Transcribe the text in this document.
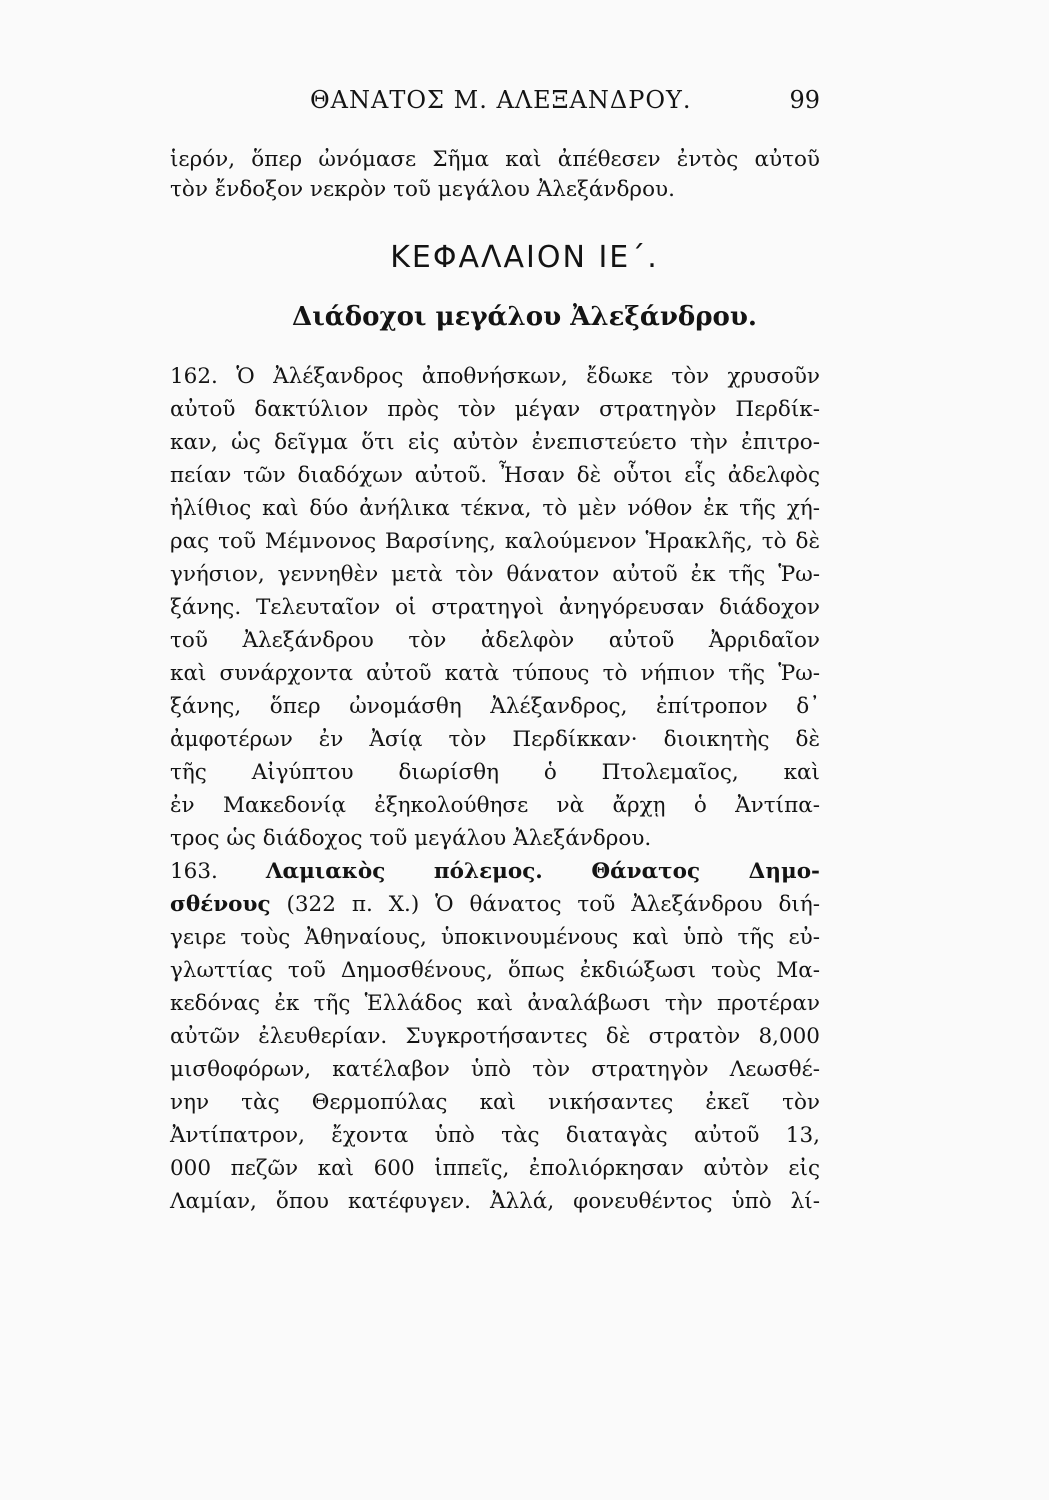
ΘΑΝΑΤΟΣ Μ. ΑΛΕΞΑΝΔΡΟΥ.	99
ἱερόν, ὅπερ ὠνόμασε Σῆμα καὶ ἀπέθεσεν ἐντὸς αὐτοῦ
τὸν ἔνδοξον νεκρὸν τοῦ μεγάλου Ἀλεξάνδρου.
ΚΕΦΑΛΑΙΟΝ ΙΕ΄.
Διάδοχοι μεγάλου Ἀλεξάνδρου.
162. Ὁ Ἀλέξανδρος ἀποθνήσκων, ἔδωκε τὸν χρυσοῦν
αὐτοῦ δακτύλιον πρὸς τὸν μέγαν στρατηγὸν Περδίκ-
καν, ὡς δεῖγμα ὅτι εἰς αὐτὸν ἐνεπιστεύετο τὴν ἐπιτρο-
πείαν τῶν διαδόχων αὐτοῦ. Ἦσαν δὲ οὗτοι εἷς ἀδελφὸς
ἠλίθιος καὶ δύο ἀνήλικα τέκνα, τὸ μὲν νόθον ἐκ τῆς χή-
ρας τοῦ Μέμνονος Βαρσίνης, καλούμενον Ἡρακλῆς, τὸ δὲ
γνήσιον, γεννηθὲν μετὰ τὸν θάνατον αὐτοῦ ἐκ τῆς Ῥω-
ξάνης. Τελευταῖον οἱ στρατηγοὶ ἀνηγόρευσαν διάδοχον
τοῦ Ἀλεξάνδρου τὸν ἀδελφὸν αὐτοῦ Ἀρριδαῖον
καὶ συνάρχοντα αὐτοῦ κατὰ τύπους τὸ νήπιον τῆς Ῥω-
ξάνης, ὅπερ ὠνομάσθη Ἀλέξανδρος, ἐπίτροπον δ᾿
ἀμφοτέρων ἐν Ἀσίᾳ τὸν Περδίκκαν· διοικητὴς δὲ
τῆς Αἰγύπτου διωρίσθη ὁ Πτολεμαῖος, καὶ
ἐν Μακεδονίᾳ ἐξηκολούθησε νὰ ἄρχῃ ὁ Ἀντίπα-
τρος ὡς διάδοχος τοῦ μεγάλου Ἀλεξάνδρου.
163. Λαμιακὸς πόλεμος. Θάνατος Δημο-
σθένους (322 π. Χ.) Ὁ θάνατος τοῦ Ἀλεξάνδρου διή-
γειρε τοὺς Ἀθηναίους, ὑποκινουμένους καὶ ὑπὸ τῆς εὐ-
γλωττίας τοῦ Δημοσθένους, ὅπως ἐκδιώξωσι τοὺς Μα-
κεδόνας ἐκ τῆς Ἑλλάδος καὶ ἀναλάβωσι τὴν προτέραν
αὐτῶν ἐλευθερίαν. Συγκροτήσαντες δὲ στρατὸν 8,000
μισθοφόρων, κατέλαβον ὑπὸ τὸν στρατηγὸν Λεωσθέ-
νην τὰς Θερμοπύλας καὶ νικήσαντες ἐκεῖ τὸν
Ἀντίπατρον, ἔχοντα ὑπὸ τὰς διαταγὰς αὐτοῦ 13,
000 πεζῶν καὶ 600 ἱππεῖς, ἐπολιόρκησαν αὐτὸν εἰς
Λαμίαν, ὅπου κατέφυγεν. Ἀλλά, φονευθέντος ὑπὸ λί-
